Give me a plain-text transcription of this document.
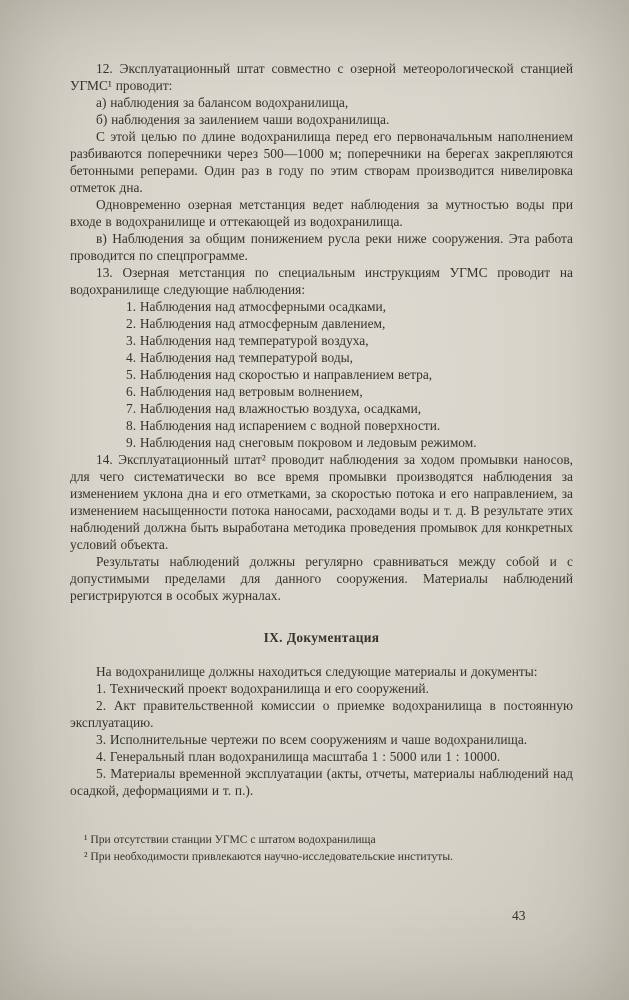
12. Эксплуатационный штат совместно с озерной метеорологической станцией УГМС¹ проводит:

а) наблюдения за балансом водохранилища,

б) наблюдения за заилением чаши водохранилища.

С этой целью по длине водохранилища перед его первоначальным наполнением разбиваются поперечники через 500—1000 м; поперечники на берегах закрепляются бетонными реперами. Один раз в году по этим створам производится нивелировка отметок дна.

Одновременно озерная метстанция ведет наблюдения за мутностью воды при входе в водохранилище и оттекающей из водохранилища.

в) Наблюдения за общим понижением русла реки ниже сооружения. Эта работа проводится по спецпрограмме.

13. Озерная метстанция по специальным инструкциям УГМС проводит на водохранилище следующие наблюдения:

1. Наблюдения над атмосферными осадками,

2. Наблюдения над атмосферным давлением,

3. Наблюдения над температурой воздуха,

4. Наблюдения над температурой воды,

5. Наблюдения над скоростью и направлением ветра,

6. Наблюдения над ветровым волнением,

7. Наблюдения над влажностью воздуха, осадками,

8. Наблюдения над испарением с водной поверхности.

9. Наблюдения над снеговым покровом и ледовым режимом.

14. Эксплуатационный штат² проводит наблюдения за ходом промывки наносов, для чего систематически во все время промывки производятся наблюдения за изменением уклона дна и его отметками, за скоростью потока и его направлением, за изменением насыщенности потока наносами, расходами воды и т. д. В результате этих наблюдений должна быть выработана методика проведения промывок для конкретных условий объекта.

Результаты наблюдений должны регулярно сравниваться между собой и с допустимыми пределами для данного сооружения. Материалы наблюдений регистрируются в особых журналах.

IX. Документация

На водохранилище должны находиться следующие материалы и документы:

1. Технический проект водохранилища и его сооружений.

2. Акт правительственной комиссии о приемке водохранилища в постоянную эксплуатацию.

3. Исполнительные чертежи по всем сооружениям и чаше водохранилища.

4. Генеральный план водохранилища масштаба 1 : 5000 или 1 : 10000.

5. Материалы временной эксплуатации (акты, отчеты, материалы наблюдений над осадкой, деформациями и т. п.).

¹ При отсутствии станции УГМС с штатом водохранилища

² При необходимости привлекаются научно-исследовательские институты.

43
